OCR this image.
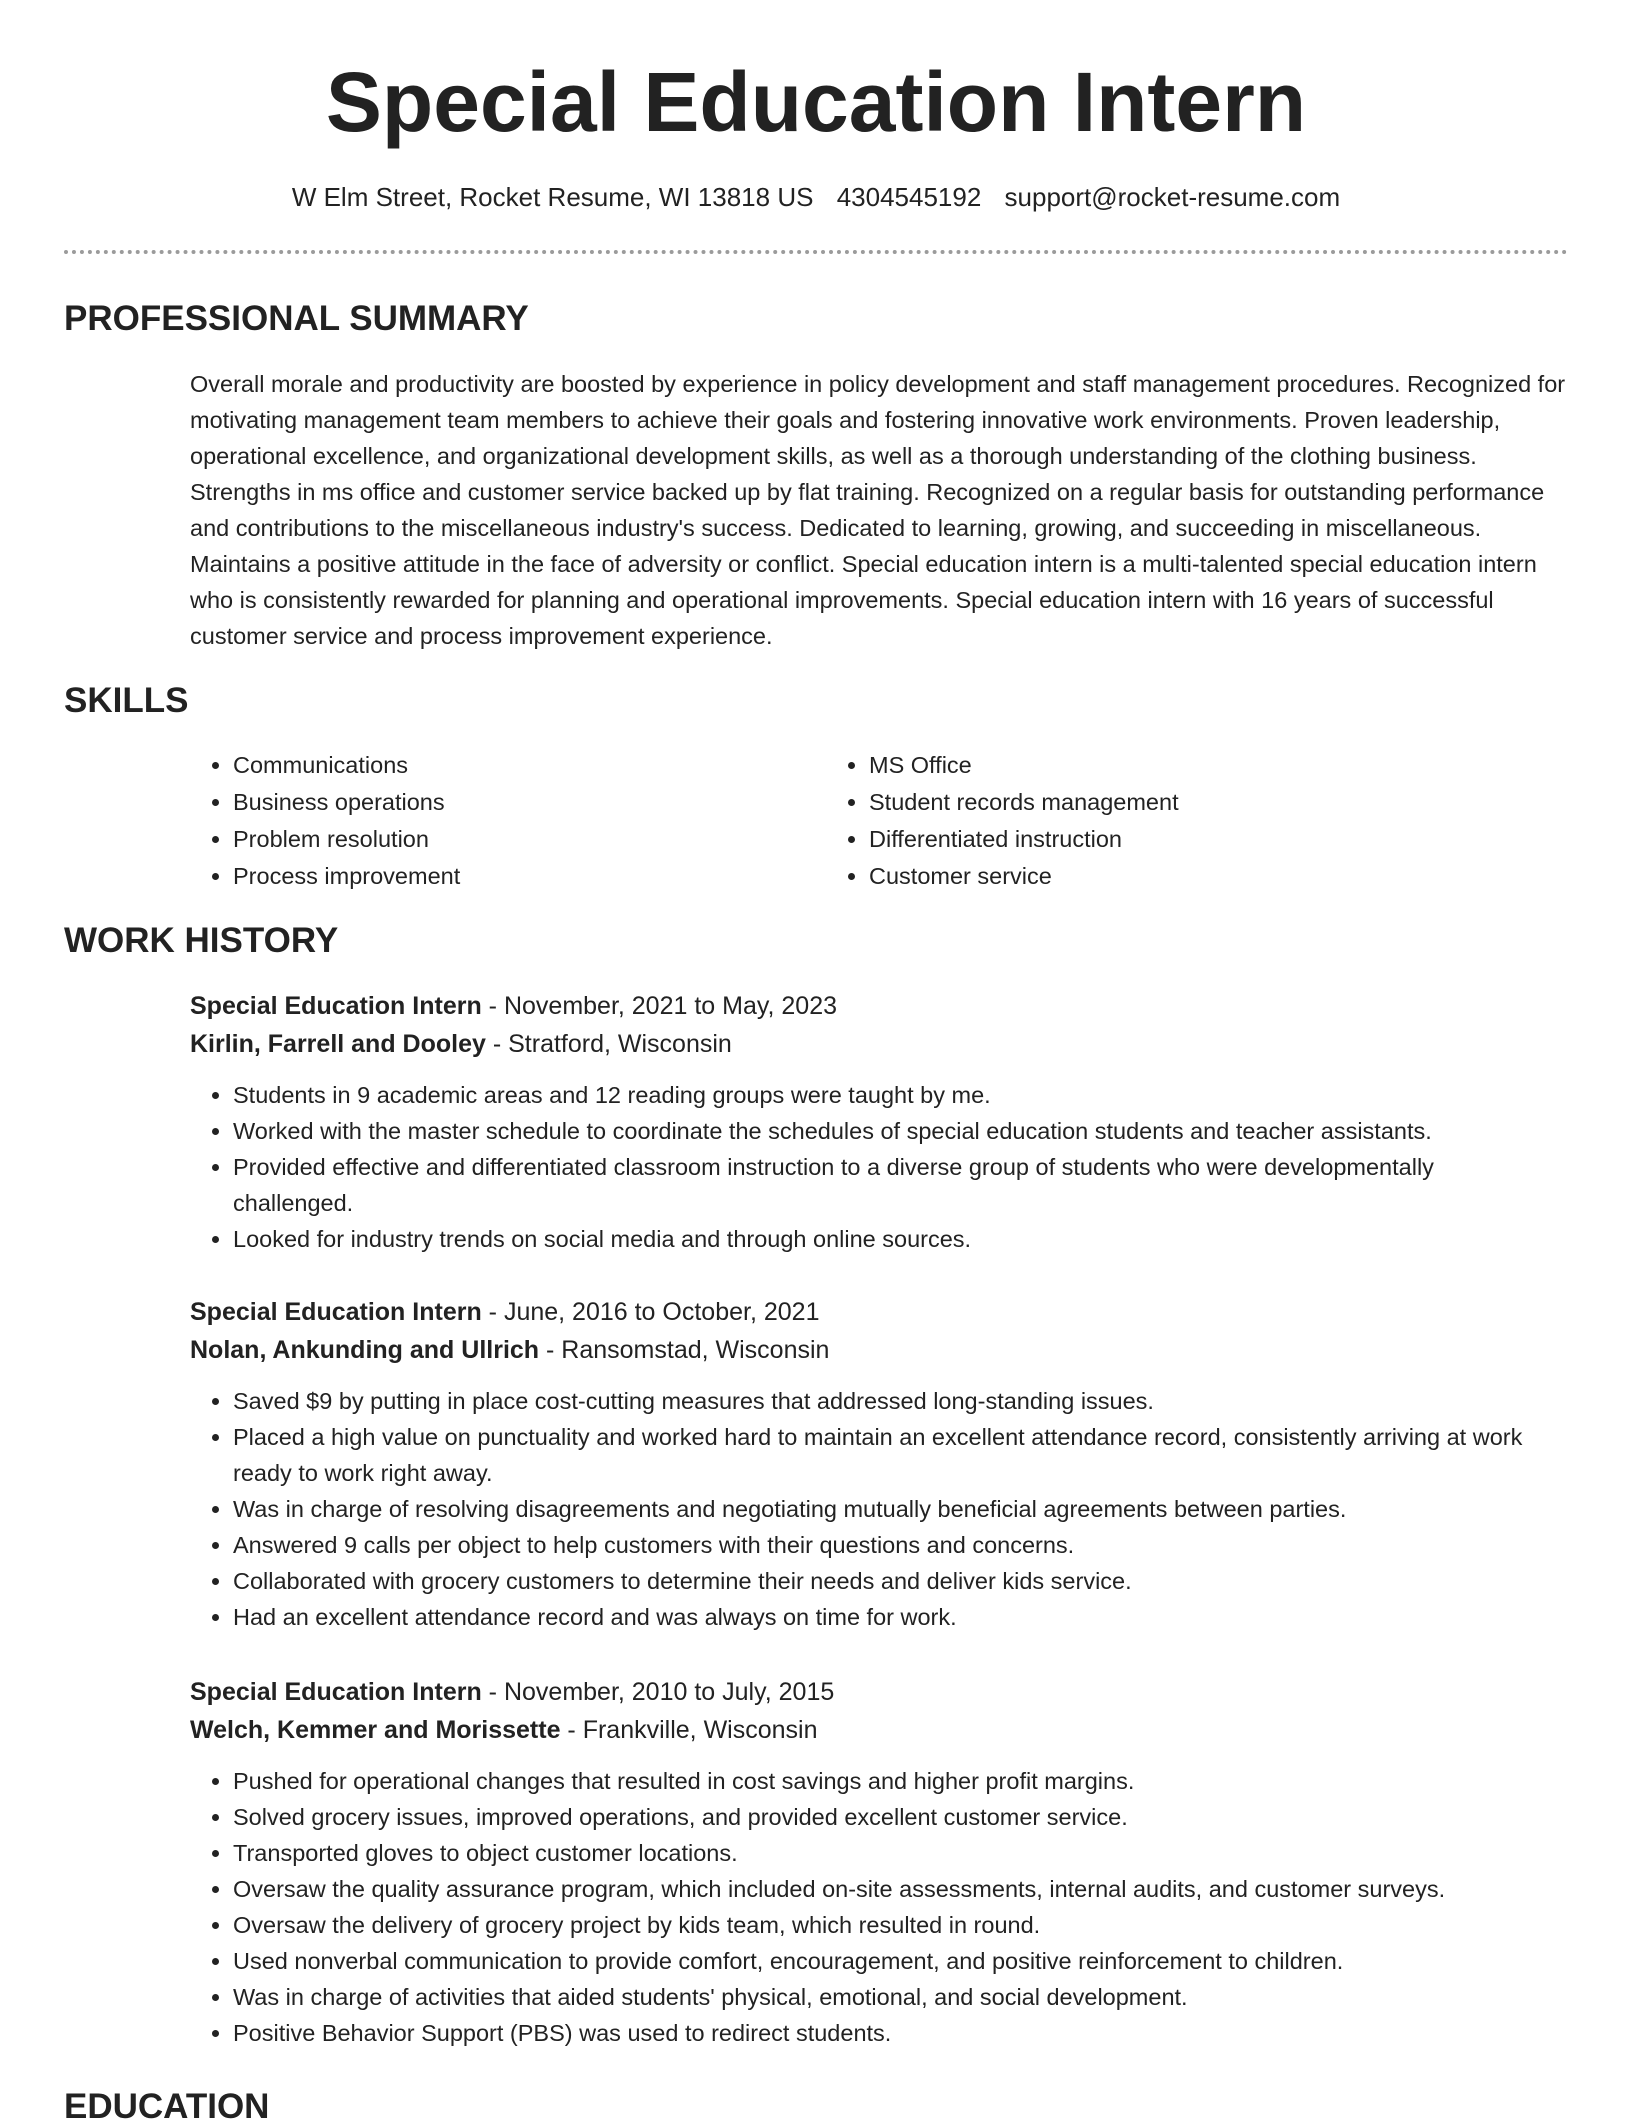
Special Education Intern
W Elm Street, Rocket Resume, WI 13818 US 4304545192 support@rocket-resume.com
PROFESSIONAL SUMMARY

Overall morale and productivity are boosted by experience in policy development and staff management procedures. Recognized for motivating management team members to achieve their goals and fostering innovative work environments. Proven leadership, operational excellence, and organizational development skills, as well as a thorough understanding of the clothing business. Strengths in ms office and customer service backed up by flat training. Recognized on a regular basis for outstanding performance and contributions to the miscellaneous industry's success. Dedicated to learning, growing, and succeeding in miscellaneous. Maintains a positive attitude in the face of adversity or conflict. Special education intern is a multi-talented special education intern who is consistently rewarded for planning and operational improvements. Special education intern with 16 years of successful customer service and process improvement experience.

SKILLS
• Communications
• Business operations
• Problem resolution
• Process improvement
• MS Office
• Student records management
• Differentiated instruction
• Customer service
WORK HISTORY
Special Education Intern - November, 2021 to May, 2023
Kirlin, Farrell and Dooley - Stratford, Wisconsin
• Students in 9 academic areas and 12 reading groups were taught by me.
• Worked with the master schedule to coordinate the schedules of special education students and teacher assistants.
• Provided effective and differentiated classroom instruction to a diverse group of students who were developmentally challenged.
• Looked for industry trends on social media and through online sources.
Special Education Intern - June, 2016 to October, 2021
Nolan, Ankunding and Ullrich - Ransomstad, Wisconsin
• Saved $9 by putting in place cost-cutting measures that addressed long-standing issues.
• Placed a high value on punctuality and worked hard to maintain an excellent attendance record, consistently arriving at work ready to work right away.
• Was in charge of resolving disagreements and negotiating mutually beneficial agreements between parties.
• Answered 9 calls per object to help customers with their questions and concerns.
• Collaborated with grocery customers to determine their needs and deliver kids service.
• Had an excellent attendance record and was always on time for work.
Special Education Intern - November, 2010 to July, 2015
Welch, Kemmer and Morissette - Frankville, Wisconsin
• Pushed for operational changes that resulted in cost savings and higher profit margins.
• Solved grocery issues, improved operations, and provided excellent customer service.
• Transported gloves to object customer locations.
• Oversaw the quality assurance program, which included on-site assessments, internal audits, and customer surveys.
• Oversaw the delivery of grocery project by kids team, which resulted in round.
• Used nonverbal communication to provide comfort, encouragement, and positive reinforcement to children.
• Was in charge of activities that aided students' physical, emotional, and social development.
• Positive Behavior Support (PBS) was used to redirect students.
EDUCATION
